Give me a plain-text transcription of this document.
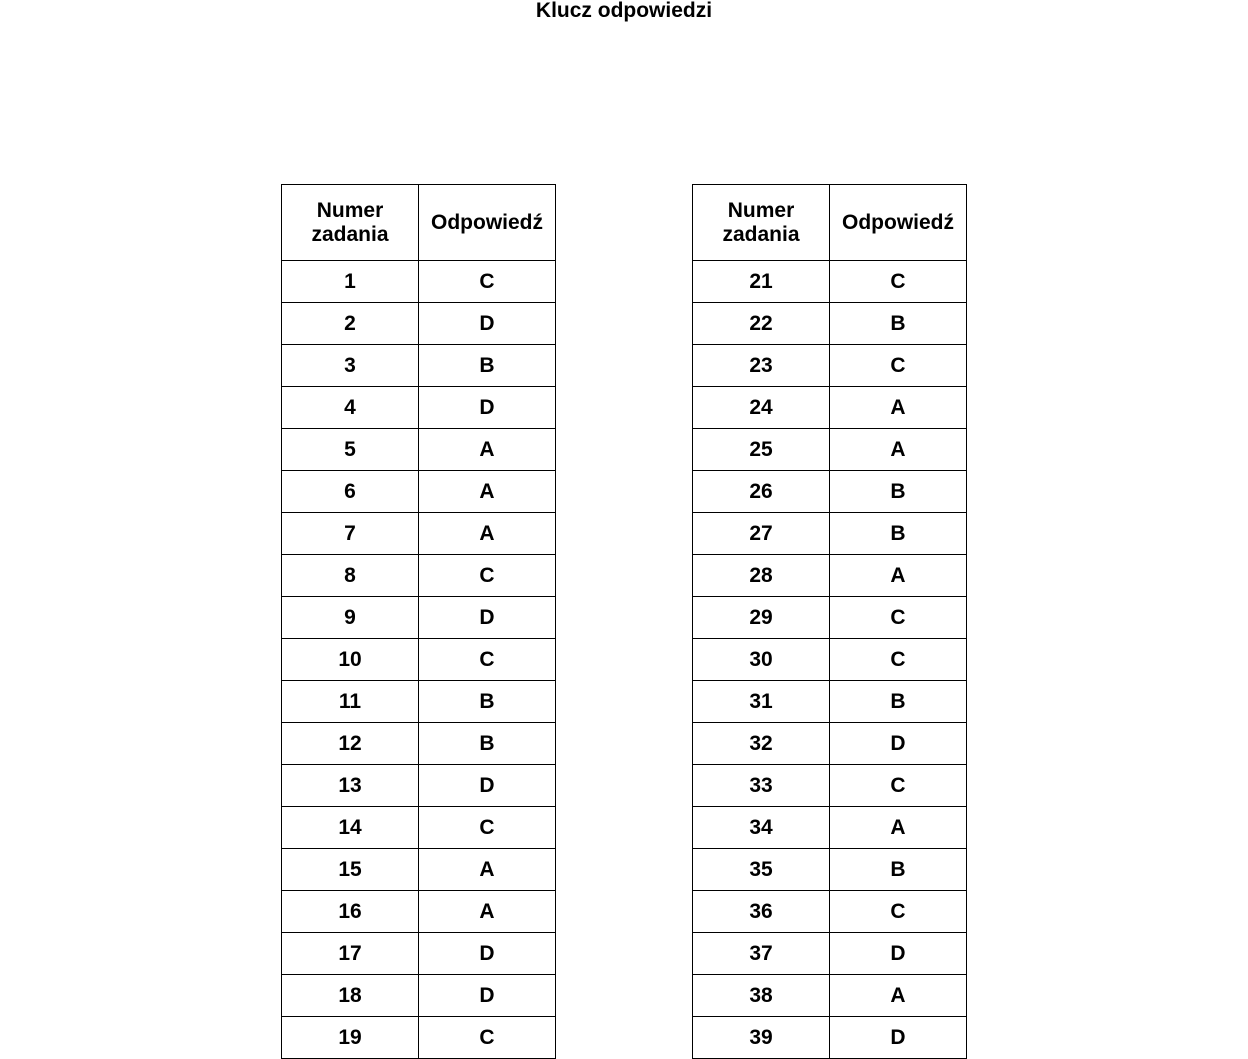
Klucz odpowiedzi
Numer zadania	Odpowiedź
1	C
2	D
3	B
4	D
5	A
6	A
7	A
8	C
9	D
10	C
11	B
12	B
13	D
14	C
15	A
16	A
17	D
18	D
19	C
Numer zadania	Odpowiedź
21	C
22	B
23	C
24	A
25	A
26	B
27	B
28	A
29	C
30	C
31	B
32	D
33	C
34	A
35	B
36	C
37	D
38	A
39	D
